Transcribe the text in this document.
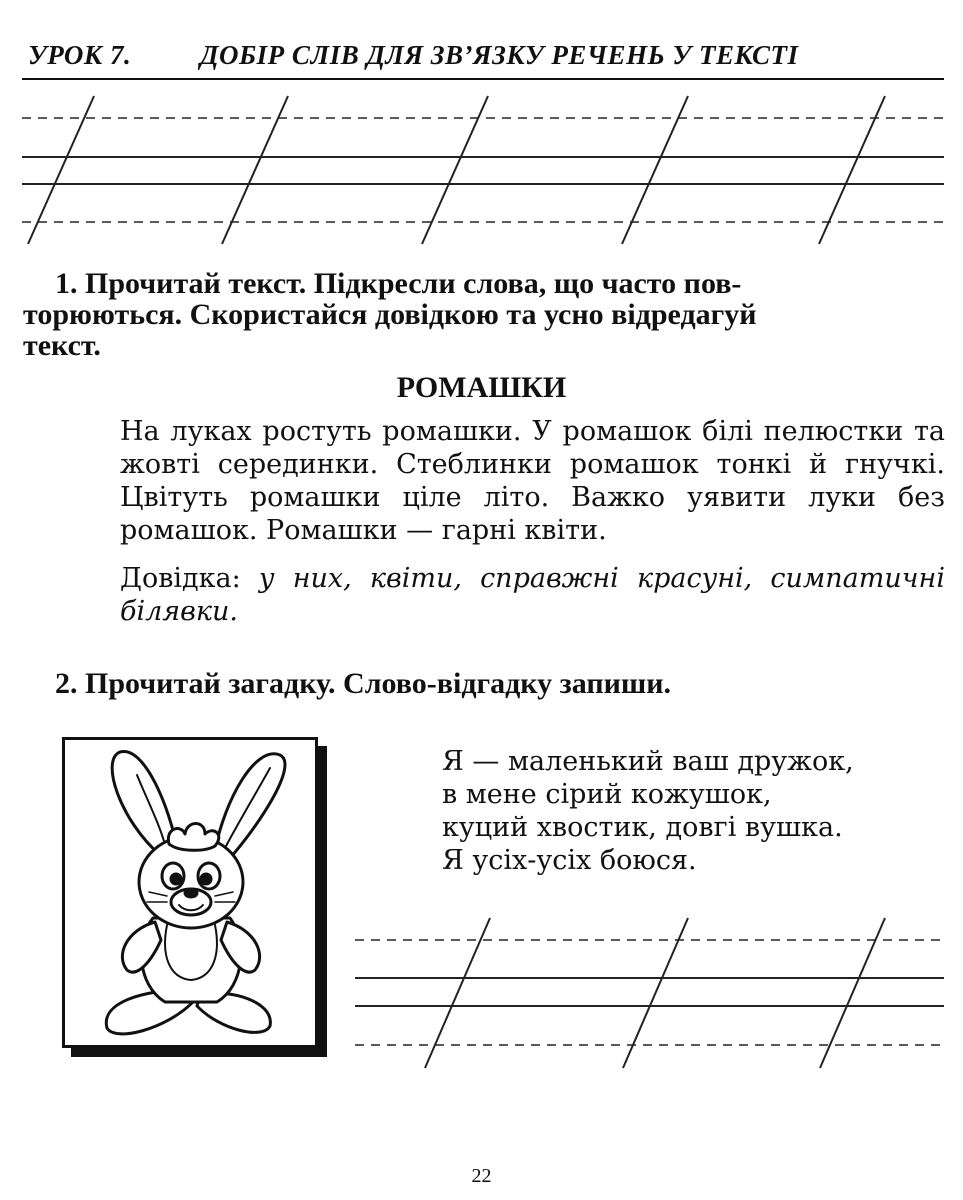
УРОК 7.	ДОБІР СЛІВ ДЛЯ ЗВ’ЯЗКУ РЕЧЕНЬ У ТЕКСТІ
1. Прочитай текст. Підкресли слова, що часто пов-
торюються. Скористайся довідкою та усно відредагуй
текст.
РОМАШКИ
На луках ростуть ромашки. У ромашок білі пелюстки та жовті серединки. Стеблинки ромашок тонкі й гнучкі. Цвітуть ромашки ціле літо. Важко уявити луки без ромашок. Ромашки — гарні квіти.
Довідка: у них, квіти, справжні красуні, симпатичні білявки.
2. Прочитай загадку. Слово-відгадку запиши.
Я — маленький ваш дружок,
в мене сірий кожушок,
куций хвостик, довгі вушка.
Я усіх-усіх боюся.
22
